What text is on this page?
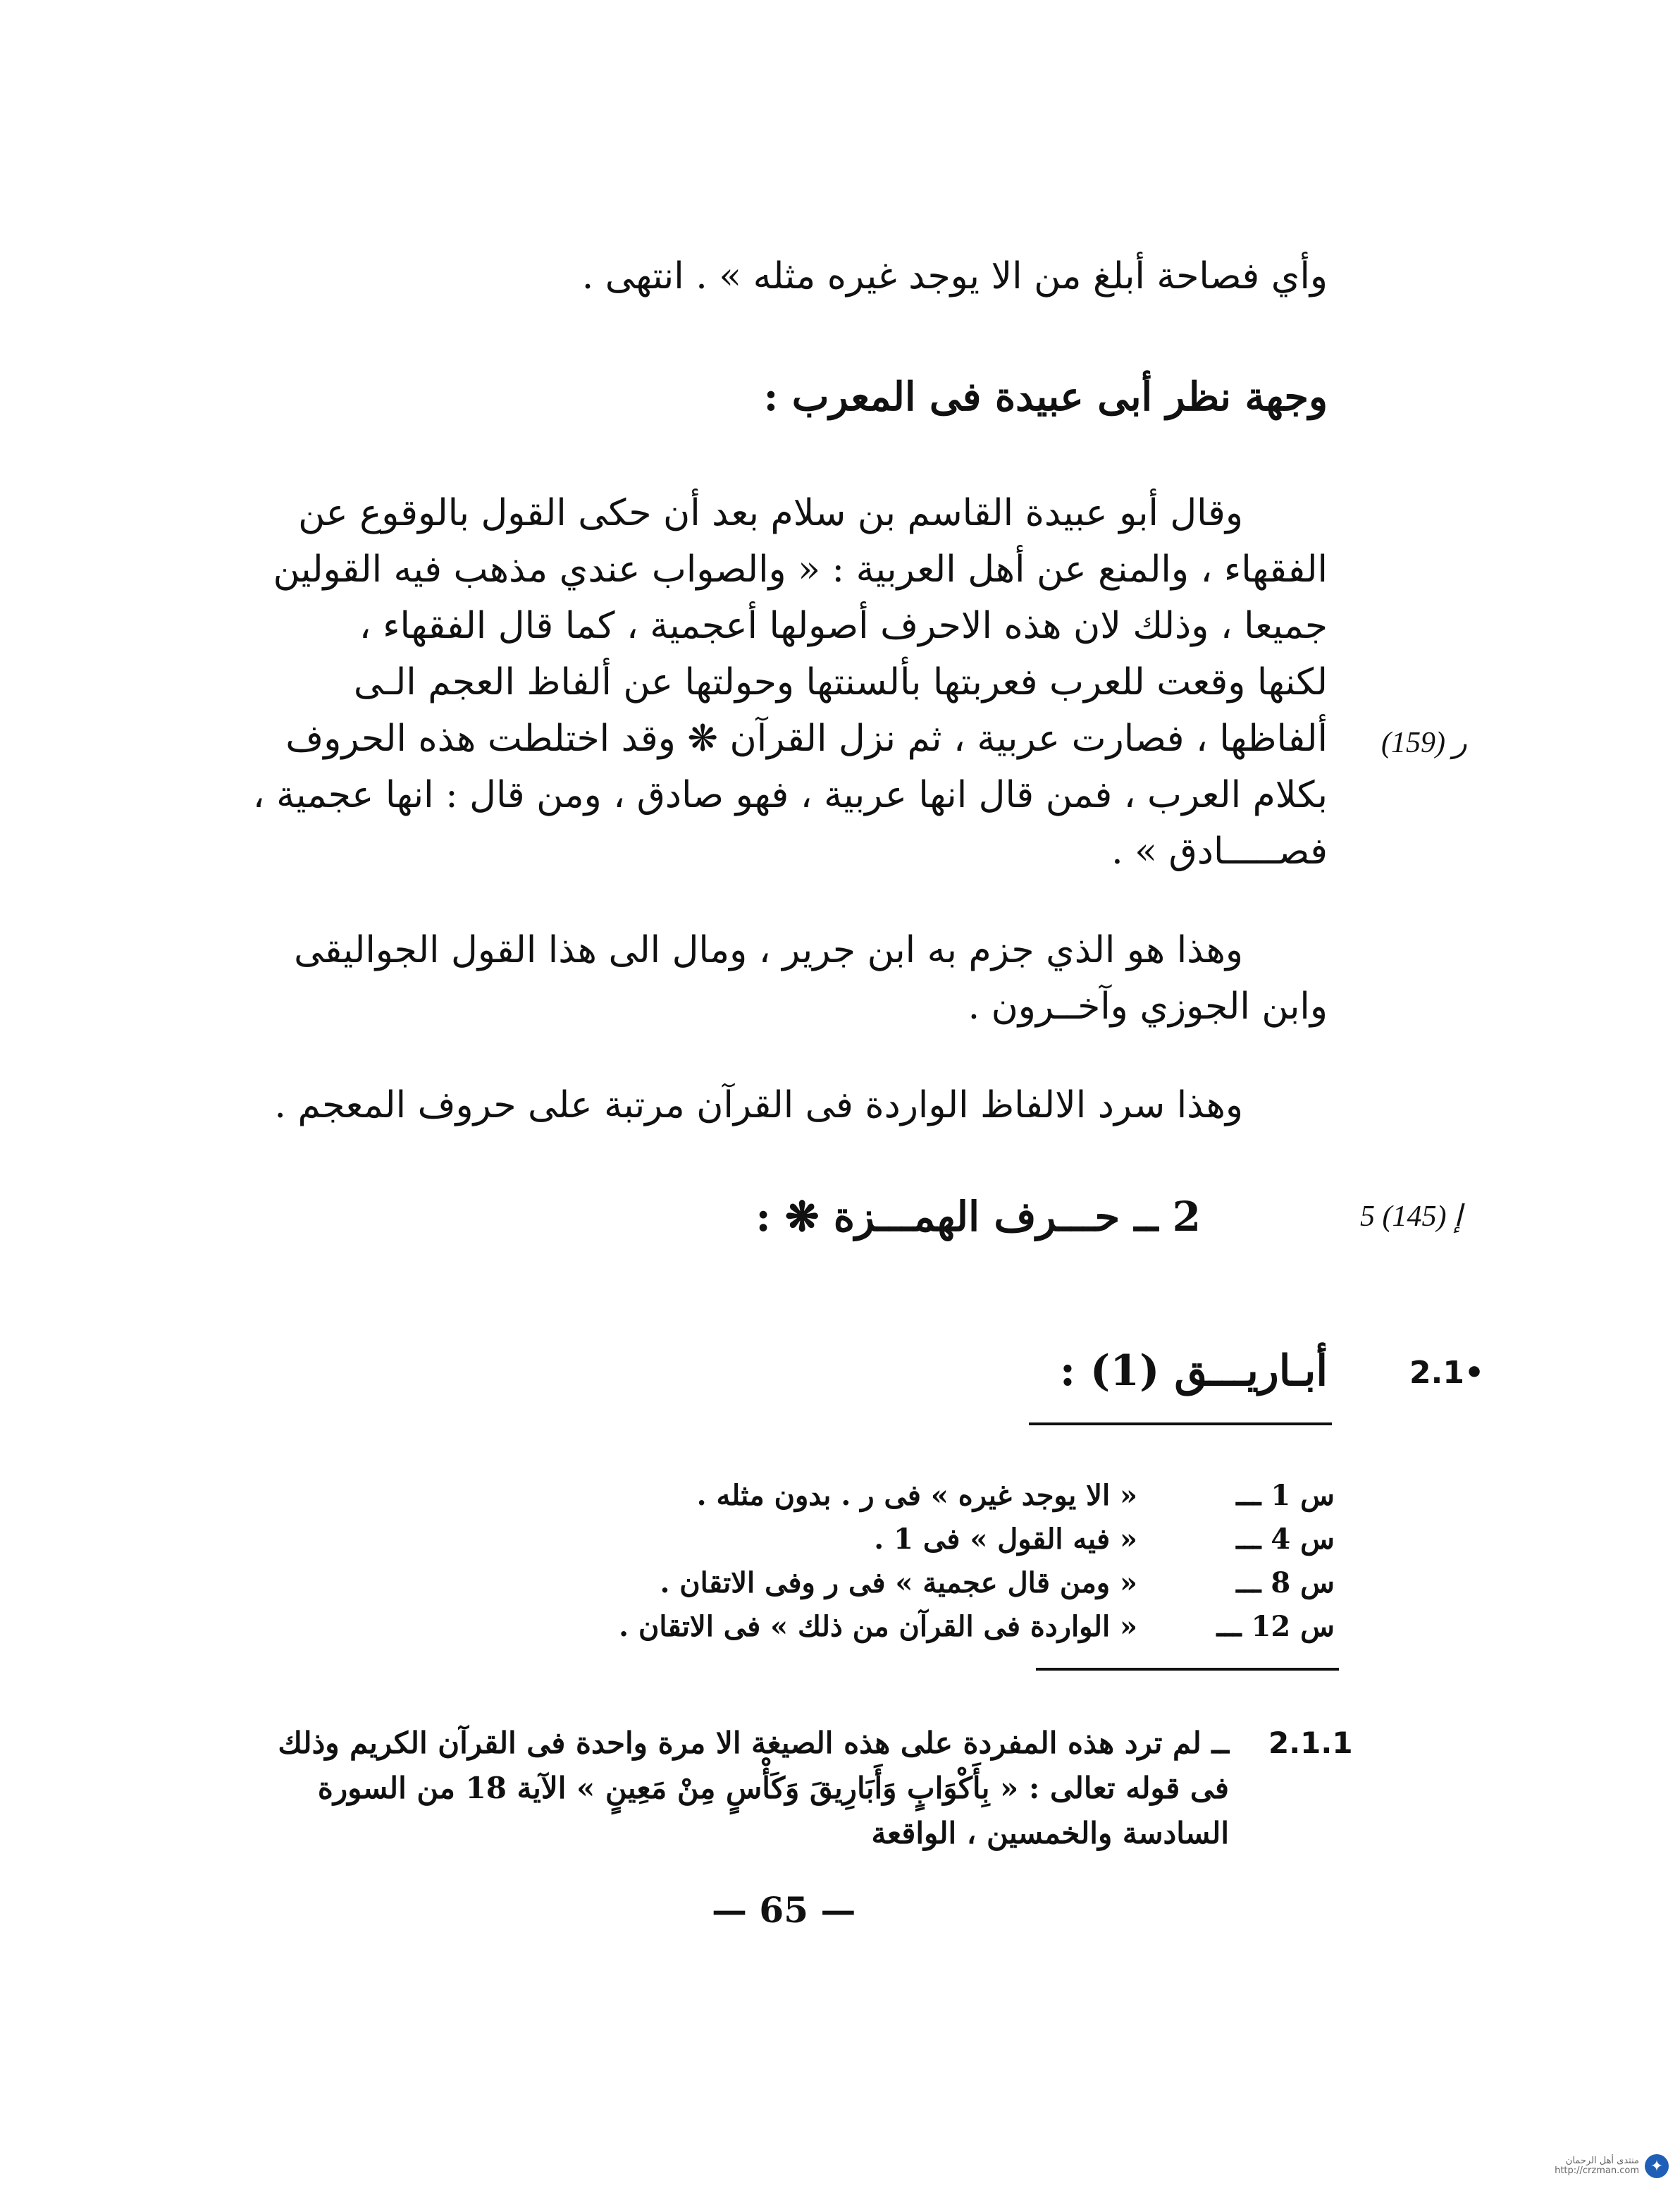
وأي فصاحة أبلغ من الا يوجد غيره مثله » . انتهى .
وجهة نظر أبى عبيدة فى المعرب :
وقال أبو عبيدة القاسم بن سلام بعد أن حكى القول بالوقوع عن
الفقهاء ، والمنع عن أهل العربية : « والصواب عندي مذهب فيه القولين
جميعا ، وذلك لان هذه الاحرف أصولها أعجمية ، كما قال الفقهاء ،
لكنها وقعت للعرب فعربتها بألسنتها وحولتها عن ألفاظ العجم الـى
ألفاظها ، فصارت عربية ، ثم نزل القرآن ❋ وقد اختلطت هذه الحروف
بكلام العرب ، فمن قال انها عربية ، فهو صادق ، ومن قال : انها عجمية ،
فصـــــادق » .
ر (159)
وهذا هو الذي جزم به ابن جرير ، ومال الى هذا القول الجواليقى
وابن الجوزي وآخــرون .
وهذا سرد الالفاظ الواردة فى القرآن مرتبة على حروف المعجم .
2 ــ حـــرف الهمـــزة ❋ :	5 إ (145)
أبـاريـــق (1) :	2.1•
س 1 ـــ
« الا يوجد غيره » فى ر . بدون مثله .
س 4 ـــ
« فيه القول » فى 1 .
س 8 ـــ
« ومن قال عجمية » فى ر وفى الاتقان .
س 12 ـــ
« الواردة فى القرآن من ذلك » فى الاتقان .
2.1.1
ــ لم ترد هذه المفردة على هذه الصيغة الا مرة واحدة فى القرآن الكريم وذلك
فى قوله تعالى : « بِأَكْوَابٍ وَأَبَارِيقَ وَكَأْسٍ مِنْ مَعِينٍ » الآية 18 من السورة
السادسة والخمسين ، الواقعة
— 65 —
منتدى أهل الرحمان
http://crzman.com ✦
